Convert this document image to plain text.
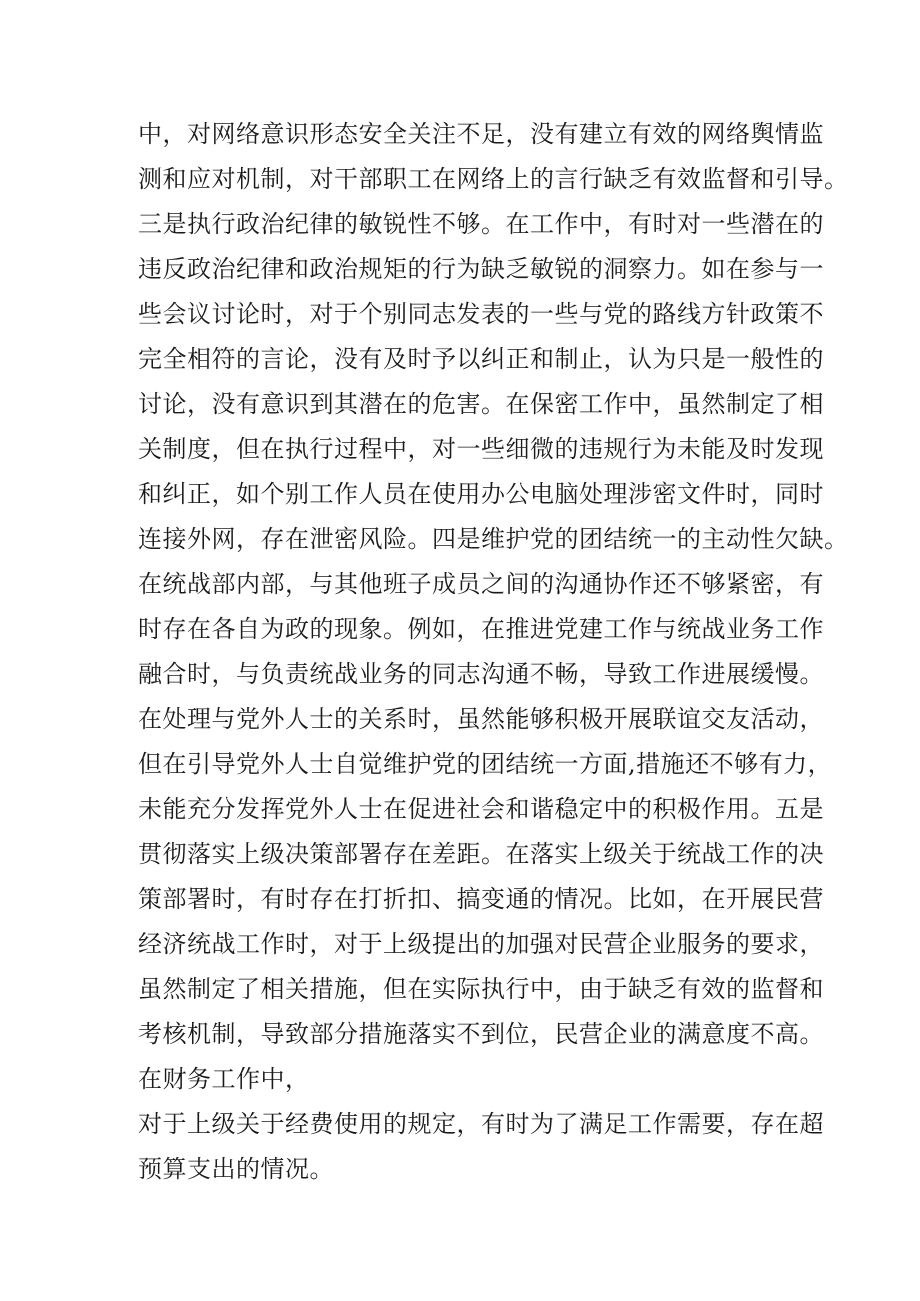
中，对网络意识形态安全关注不足，没有建立有效的网络舆情监
测和应对机制，对干部职工在网络上的言行缺乏有效监督和引导。
三是执行政治纪律的敏锐性不够。在工作中，有时对一些潜在的
违反政治纪律和政治规矩的行为缺乏敏锐的洞察力。如在参与一
些会议讨论时，对于个别同志发表的一些与党的路线方针政策不
完全相符的言论，没有及时予以纠正和制止，认为只是一般性的
讨论，没有意识到其潜在的危害。在保密工作中，虽然制定了相
关制度，但在执行过程中，对一些细微的违规行为未能及时发现
和纠正，如个别工作人员在使用办公电脑处理涉密文件时，同时
连接外网，存在泄密风险。四是维护党的团结统一的主动性欠缺。
在统战部内部，与其他班子成员之间的沟通协作还不够紧密，有
时存在各自为政的现象。例如，在推进党建工作与统战业务工作
融合时，与负责统战业务的同志沟通不畅，导致工作进展缓慢。
在处理与党外人士的关系时，虽然能够积极开展联谊交友活动，
但在引导党外人士自觉维护党的团结统一方面,措施还不够有力，
未能充分发挥党外人士在促进社会和谐稳定中的积极作用。五是
贯彻落实上级决策部署存在差距。在落实上级关于统战工作的决
策部署时，有时存在打折扣、搞变通的情况。比如，在开展民营
经济统战工作时，对于上级提出的加强对民营企业服务的要求，
虽然制定了相关措施，但在实际执行中，由于缺乏有效的监督和
考核机制，导致部分措施落实不到位，民营企业的满意度不高。
在财务工作中，
对于上级关于经费使用的规定，有时为了满足工作需要，存在超
预算支出的情况。
